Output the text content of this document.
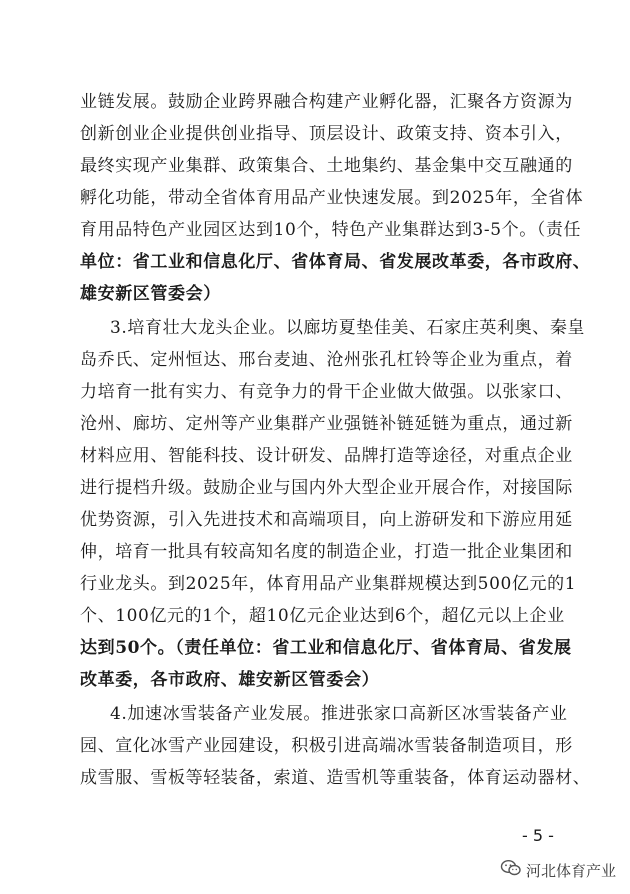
业链发展。鼓励企业跨界融合构建产业孵化器，汇聚各方资源为
创新创业企业提供创业指导、顶层设计、政策支持、资本引入，
最终实现产业集群、政策集合、土地集约、基金集中交互融通的
孵化功能，带动全省体育用品产业快速发展。到2025年，全省体
育用品特色产业园区达到10个，特色产业集群达到3-5个。（责任
单位：省工业和信息化厅、省体育局、省发展改革委，各市政府、
雄安新区管委会）
3.培育壮大龙头企业。以廊坊夏垫佳美、石家庄英利奥、秦皇
岛乔氏、定州恒达、邢台麦迪、沧州张孔杠铃等企业为重点，着
力培育一批有实力、有竞争力的骨干企业做大做强。以张家口、
沧州、廊坊、定州等产业集群产业强链补链延链为重点，通过新
材料应用、智能科技、设计研发、品牌打造等途径，对重点企业
进行提档升级。鼓励企业与国内外大型企业开展合作，对接国际
优势资源，引入先进技术和高端项目，向上游研发和下游应用延
伸，培育一批具有较高知名度的制造企业，打造一批企业集团和
行业龙头。到2025年，体育用品产业集群规模达到500亿元的1
个、100亿元的1个，超10亿元企业达到6个，超亿元以上企业
达到50个。（责任单位：省工业和信息化厅、省体育局、省发展
改革委，各市政府、雄安新区管委会）
4.加速冰雪装备产业发展。推进张家口高新区冰雪装备产业
园、宣化冰雪产业园建设，积极引进高端冰雪装备制造项目，形
成雪服、雪板等轻装备，索道、造雪机等重装备，体育运动器材、
- 5 -
河北体育产业
